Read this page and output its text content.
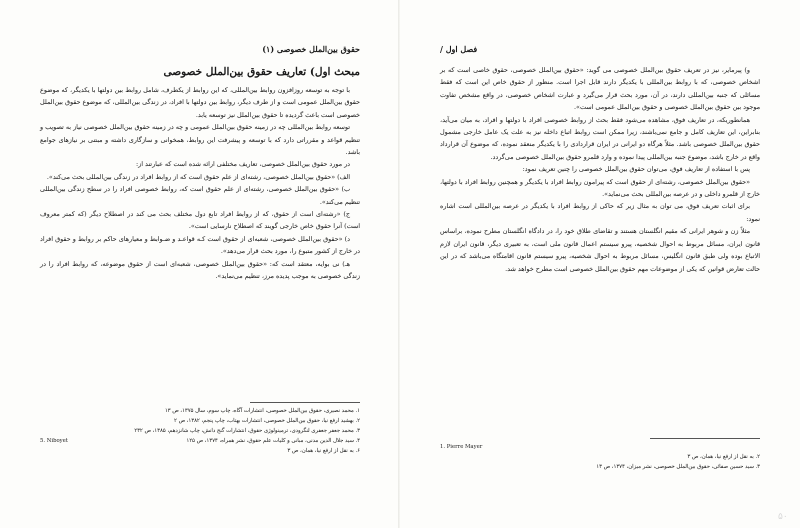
حقوق بین‌الملل خصوصی (۱)
مبحث اول) تعاریف حقوق بین‌الملل خصوصی

با توجه به توسعه روزافزون روابط بین‌المللی، که این روابط از یکطرف، شامل روابط بین دولتها با یکدیگر، که موضوع حقوق بین‌الملل عمومی است و از طرف دیگر، روابط بین دولتها با افراد، در زندگی بین‌المللی، که موضوع حقوق بین‌الملل خصوصی است باعث گردیده تا حقوق بین‌الملل نیز توسعه یابد.

توسعه روابط بین‌المللی چه در زمینه حقوق بین‌الملل عمومی و چه در زمینه حقوق بین‌الملل خصوصی نیاز به تصویب و تنظیم قواعد و مقرراتی دارد که با توسعه و پیشرفت این روابط، همخوانی و سازگاری داشته و مبتنی بر نیازهای جوامع باشد.

در مورد حقوق بین‌الملل خصوصی، تعاریف مختلفی ارائه شده است که عبارتند از:

الف) «حقوق بین‌الملل خصوصی، رشته‌ای از علم حقوق است که از روابط افراد در زندگی بین‌المللی بحث می‌کند».

ب) «حقوق بین‌الملل خصوصی، رشته‌ای از علم حقوق است که، روابط خصوصی افراد را در سطح زندگی بین‌المللی تنظیم می‌کند».

ج) «رشته‌ای است از حقوق، که از روابط افراد تابع دول مختلف بحث می کند در اصطلاح دیگر (که کمتر معروف است) آنرا حقوق خاص خارجی گویند که اصطلاح نارسایی است».

د) «حقوق بین‌الملل خصوصی، شعبه‌ای از حقوق است کـه قواعـد و ضـوابط و معیارهای حاکم بر روابط و حقوق افراد در خارج از کشور متبوع را، مورد بحث قرار می‌دهد».

هـ) نی بوایه، معتقد است که: «حقوق بین‌الملل خصوصی، شعبه‌ای است از حقوق موضوعه، که روابط افراد را در زندگی خصوصی به موجب پدیده مرز، تنظیم می‌نماید».

۱. محمد نصیری، حقوق بین‌الملل خصوصی، انتشارات آگاه، چاپ سوم، سال ۱۳۷۵، ص ۱۳
۲. بهشید ارفع نیا، حقوق بین‌الملل خصوصی، انتشارات بهتاب، چاپ پنجم، ۱۳۸۲، ص ۲
۳. محمد جعفر جعفری لنگرودی، ترمینولوژی حقوق، انتشارات گنج دانش، چاپ شانزدهم، ۱۳۸۵، ص ۲۳۲
۴. سید جلال الدین مدنی، مبانی و کلیات علم حقوق، نشر همراه، ۱۳۷۴، ص ۱۲۵
5. Niboyet
۶. به نقل از ارفع نیا، همان، ص ۳
فصل اول /

و) پیرمایر، نیز در تعریف حقوق بین‌الملل خصوصی می گوید: «حقوق بین‌الملل خصوصی، حقوق خاصی است که بر اشخاص خصوصی، که با روابط بین‌المللی با یکدیگر دارند قابل اجرا است. منظور از حقوق خاص این است که فقط مسائلی که جنبه بین‌المللی دارند، در آن، مورد بحث قرار می‌گیرد و عبارت اشخاص خصوصی، در واقع مشخص تفاوت موجود بین حقوق بین‌الملل خصوصی و حقوق بین‌الملل عمومی است».

همانطوریکه، در تعاریف فوق، مشاهده می‌شود فقط بحث از روابط خصوصی افراد با دولتها و افراد، به میان می‌آید، بنابراین، این تعاریف کامل و جامع نمی‌باشند، زیرا ممکن است روابط اتباع داخله نیز به علت یک عامل خارجی مشمول حقوق بین‌الملل خصوصی باشد. مثلاً هرگاه دو ایرانی در ایران قراردادی را با یکدیگر منعقد نموده، که موضوع آن قرارداد واقع در خارج باشد، موضوع جنبه بین‌المللی پیدا نموده و وارد قلمرو حقوق بین‌الملل خصوصی می‌گردد.

پس با استفاده از تعاریف فوق، می‌توان حقوق بین‌الملل خصوصی را چنین تعریف نمود:

«حقوق بین‌الملل خصوصی، رشته‌ای از حقوق است که پیرامون روابط افراد با یکدیگر و همچنین روابط افراد با دولتها، خارج از قلمرو داخلی و در عرصه بین‌المللی بحث می‌نماید».

برای اثبات تعریف فوق، می توان به مثال زیر که حاکی از روابط افراد با یکدیگر در عرصه بین‌المللی است اشاره نمود:

مثلاً زن و شوهر ایرانی که مقیم انگلستان هستند و تقاضای طلاق خود را، در دادگاه انگلستان مطرح نموده، براساس قانون ایران، مسائل مربوط به احوال شخصیه، پیرو سیستم اعمال قانون ملی است، به تعبیری دیگر، قانون ایران لازم الاتباع بوده ولی طبق قانون انگلیس، مسائل مربوط به احوال شخصیه، پیرو سیستم قانون اقامتگاه می‌باشد که در این حالت تعارض قوانین که یکی از موضوعات مهم حقوق بین‌الملل خصوصی است مطرح خواهد شد.

1. Pierre Mayer
۲. به نقل از ارفع نیا، همان، ص ۳
۳. سید حسین صفائی، حقوق بین‌الملل خصوصی، نشر میزان، ۱۳۷۴، ص ۱۳
۵۰
